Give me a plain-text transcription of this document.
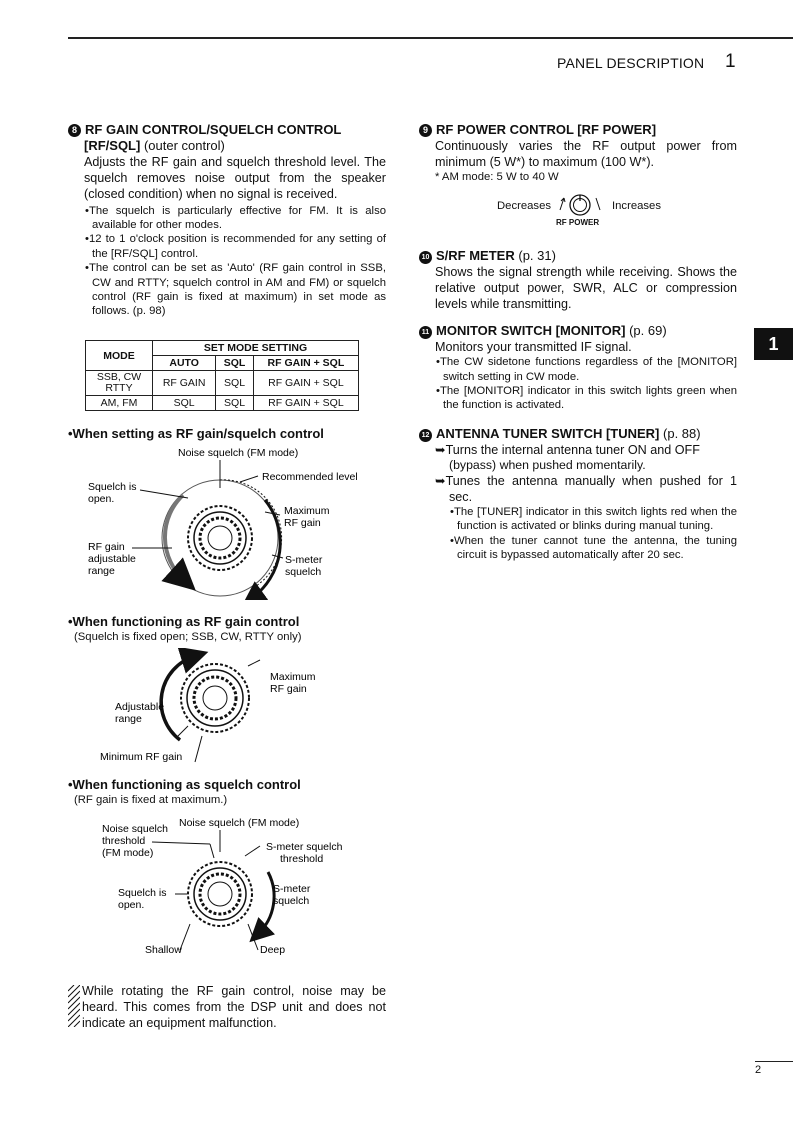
PANEL DESCRIPTION 1
1
8 RF GAIN CONTROL/SQUELCH CONTROL
[RF/SQL] (outer control)
Adjusts the RF gain and squelch threshold level. The squelch removes noise output from the speaker (closed condition) when no signal is received.
•The squelch is particularly effective for FM. It is also available for other modes.
•12 to 1 o'clock position is recommended for any setting of the [RF/SQL] control.
•The control can be set as 'Auto' (RF gain control in SSB, CW and RTTY; squelch control in AM and FM) or squelch control (RF gain is fixed at maximum) in set mode as follows. (p. 98)
MODE	SET MODE SETTING		
	AUTO	SQL	RF GAIN + SQL
SSB, CW RTTY	RF GAIN	SQL	RF GAIN + SQL
AM, FM	SQL	SQL	RF GAIN + SQL
•When setting as RF gain/squelch control
Noise squelch (FM mode)
Recommended level
Squelch is
open.
Maximum
RF gain
RF gain
adjustable
range
S-meter
squelch
•When functioning as RF gain control
(Squelch is fixed open; SSB, CW, RTTY only)
Maximum
RF gain
Adjustable
range
Minimum RF gain
•When functioning as squelch control
(RF gain is fixed at maximum.)
Noise squelch (FM mode)
Noise squelch
threshold
(FM mode)	S-meter squelch
threshold
Squelch is
open.
S-meter
squelch
Shallow	Deep
While rotating the RF gain control, noise may be heard. This comes from the DSP unit and does not indicate an equipment malfunction.
9 RF POWER CONTROL [RF POWER]
Continuously varies the RF output power from minimum (5 W*) to maximum (100 W*).
* AM mode: 5 W to 40 W
Decreases	Increases
RF POWER
10 S/RF METER (p. 31)
Shows the signal strength while receiving. Shows the relative output power, SWR, ALC or compression levels while transmitting.
11 MONITOR SWITCH [MONITOR] (p. 69)
Monitors your transmitted IF signal.
•The CW sidetone functions regardless of the [MONITOR] switch setting in CW mode.
•The [MONITOR] indicator in this switch lights green when the function is activated.
12 ANTENNA TUNER SWITCH [TUNER] (p. 88)
➥Turns the internal antenna tuner ON and OFF
(bypass) when pushed momentarily.
➥Tunes the antenna manually when pushed for 1 sec.
•The [TUNER] indicator in this switch lights red when the function is activated or blinks during manual tuning.
•When the tuner cannot tune the antenna, the tuning circuit is bypassed automatically after 20 sec.
2
